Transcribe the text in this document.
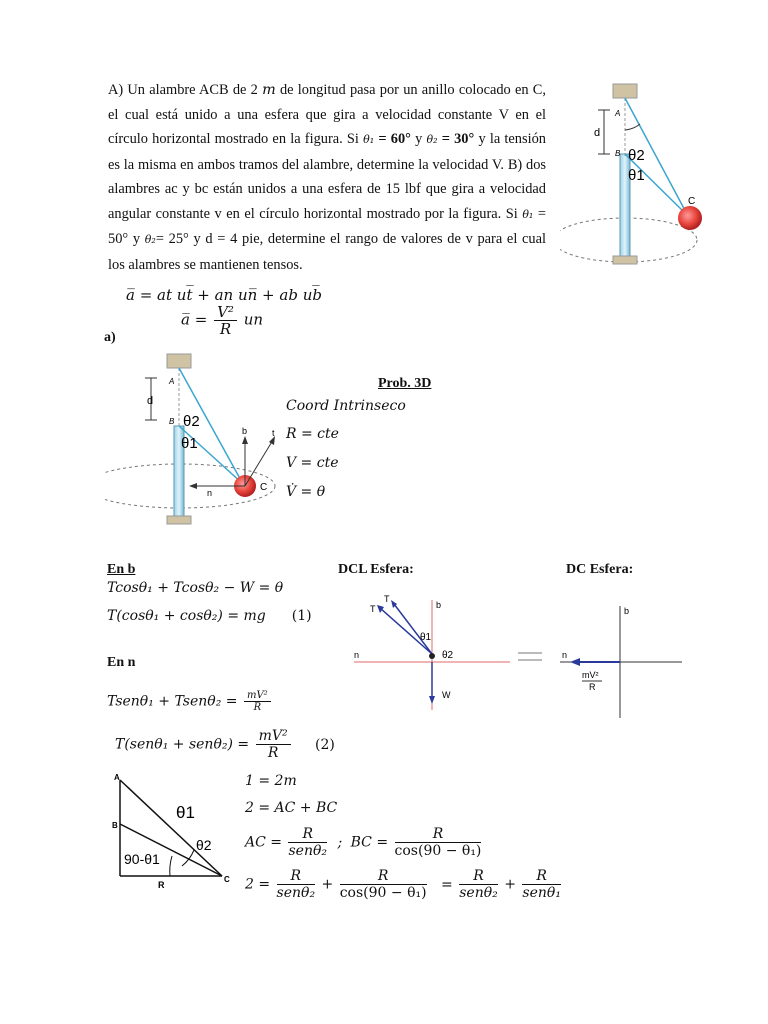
A) Un alambre ACB de 2 m de longitud pasa por un anillo colocado en C, el cual está unido a una esfera que gira a velocidad constante V en el círculo horizontal mostrado en la figura. Si θ₁ = 60° y θ₂ = 30° y la tensión es la misma en ambos tramos del alambre, determine la velocidad V. B) dos alambres ac y bc están unidos a una esfera de 15 lbf que gira a velocidad angular constante v en el círculo horizontal mostrado por la figura. Si θ₁ = 50° y θ₂= 25° y d = 4 pie, determine el rango de valores de v para el cual los alambres se mantienen tensos.
d
A
B θ2
θ1
C
a̅ = at ut̅ + an un̅ + ab ub̅
a̅ = $\frac{\text{V²}}{R}$ un
a)
d
A
B θ2
θ1
b	t
n	C
Prob. 3D
Coord Intrinseco
R = cte
V = cte
V̇ = θ
En b	DCL Esfera:	DC Esfera:
Tcosθ₁ + Tcosθ₂ − W = θ
T(cosθ₁ + cosθ₂) = mg (1)
En n
Tsenθ₁ + Tsenθ₂ = $\frac{\text{mV²}}{R}$
$T(sen\theta_1 + sen\theta_2) = \frac{\text{mV²}}{R} (2)$
T
T
b
θ1
θ2
n
W
b
n
mV²
R
A
B
θ1
θ2
90-θ1
R
C
1 = 2m
2 = AC + BC
AC = $\frac{R}{\text{senθ₂}}$ ; BC = $\frac{R}{\text{cos(90 − θ₁)}}$
$2 = \frac{R}{\text{senθ₂}} + \frac{R}{\text{cos(90 − θ₁)}} = \frac{R}{\text{senθ₂}} + \frac{R}{\text{senθ₁}}$
